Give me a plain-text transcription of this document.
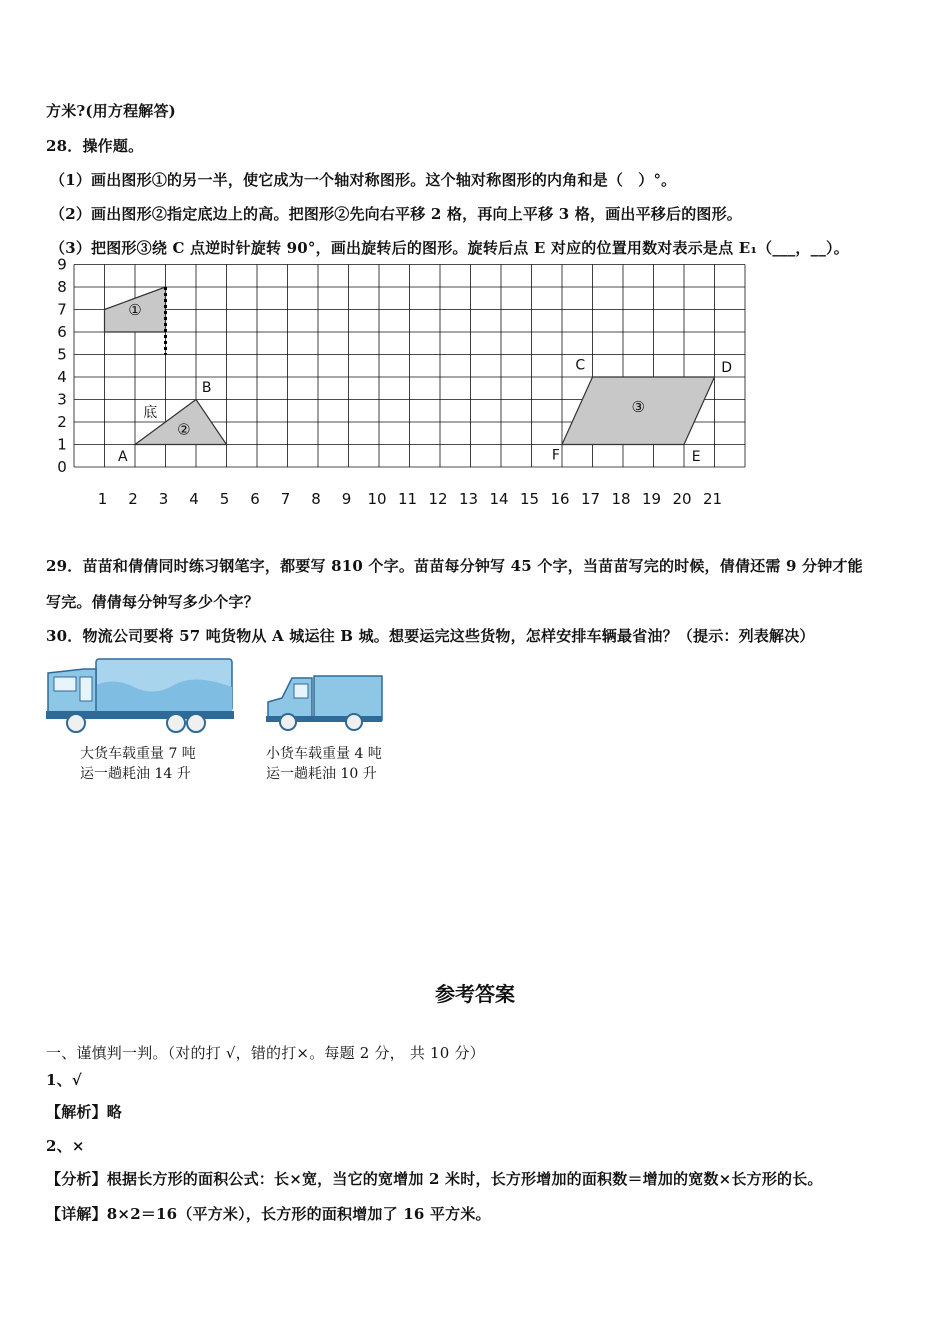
方米?(用方程解答)
28．操作题。
（1）画出图形①的另一半，使它成为一个轴对称图形。这个轴对称图形的内角和是（　）°。
（2）画出图形②指定底边上的高。把图形②先向右平移 2 格，再向上平移 3 格，画出平移后的图形。
（3）把图形③绕 C 点逆时针旋转 90°，画出旋转后的图形。旋转后点 E 对应的位置用数对表示是点 E₁（___，__）。
①
②
③
A
B
底
C	D
F	E
0
1
2
3
4
5
6
7
8
9
1 2 3 4 5 6 7 8 9 10 11 12 13 14 15 16 17 18 19 20 21
29．苗苗和倩倩同时练习钢笔字，都要写 810 个字。苗苗每分钟写 45 个字，当苗苗写完的时候，倩倩还需 9 分钟才能
写完。倩倩每分钟写多少个字？
30．物流公司要将 57 吨货物从 A 城运往 B 城。想要运完这些货物，怎样安排车辆最省油？（提示：列表解决）
大货车载重量 7 吨
运一趟耗油 14 升
小货车载重量 4 吨
运一趟耗油 10 升
参考答案
一、谨慎判一判。（对的打 √，错的打×。每题 2 分， 共 10 分）
1、√
【解析】略
2、×
【分析】根据长方形的面积公式：长×宽，当它的宽增加 2 米时，长方形增加的面积数＝增加的宽数×长方形的长。
【详解】8×2＝16（平方米），长方形的面积增加了 16 平方米。
